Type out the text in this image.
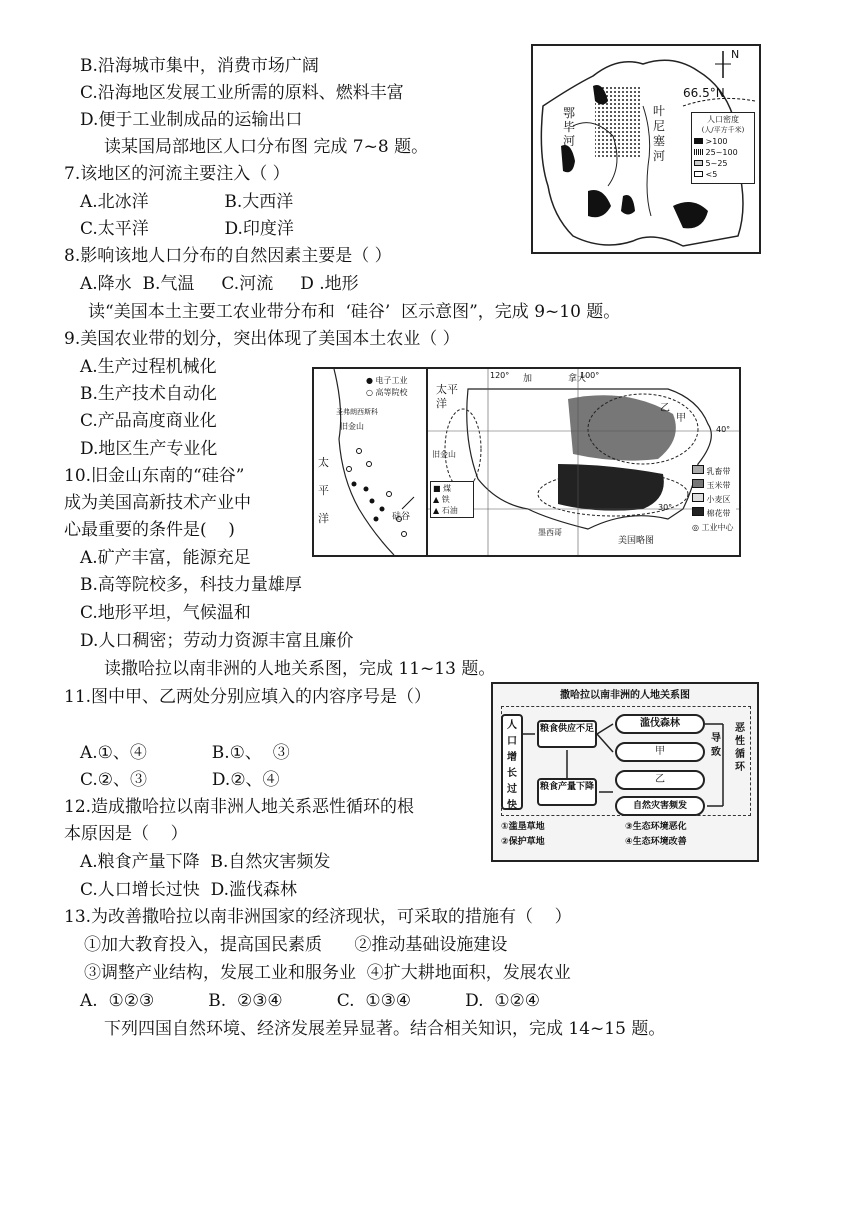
B.沿海城市集中，消费市场广阔
C.沿海地区发展工业所需的原料、燃料丰富
D.便于工业制成品的运输出口
读某国局部地区人口分布图 完成 7~8 题。
7.该地区的河流主要注入（ ）
A.北冰洋              B.大西洋
C.太平洋              D.印度洋
8.影响该地人口分布的自然因素主要是（ ）
A.降水  B.气温     C.河流     D .地形
读“美国本土主要工农业带分布和  ‘硅谷’  区示意图”，完成 9~10 题。
9.美国农业带的划分，突出体现了美国本土农业（ ）
A.生产过程机械化
B.生产技术自动化
C.产品高度商业化
D.地区生产专业化
10.旧金山东南的“硅谷”
成为美国高新技术产业中
心最重要的条件是(    )
A.矿产丰富，能源充足
B.高等院校多，科技力量雄厚
C.地形平坦，气候温和
D.人口稠密；劳动力资源丰富且廉价
读撒哈拉以南非洲的人地关系图，完成 11~13 题。
11.图中甲、乙两处分别应填入的内容序号是（）
A.①、④            B.①、  ③
C.②、③            D.②、④
12.造成撒哈拉以南非洲人地关系恶性循环的根
本原因是（    ）
A.粮食产量下降  B.自然灾害频发
C.人口增长过快  D.滥伐森林
13.为改善撒哈拉以南非洲国家的经济现状，可采取的措施有（    ）
①加大教育投入，提高国民素质      ②推动基础设施建设
③调整产业结构，发展工业和服务业  ④扩大耕地面积，发展农业
A.  ①②③          B.  ②③④          C.  ①③④          D.  ①②④
下列四国自然环境、经济发展差异显著。结合相关知识，完成 14~15 题。
N
66.5°N
鄂
毕
河
叶
尼
塞
河
人口密度
(人/平方千米)
>100
25~100
5~25
<5
● 电子工业
○ 高等院校
圣弗朗西斯科
旧金山
太
平
洋	硅谷
太平洋
加	拿大
120°	100°
旧金山
墨西哥
美国略图
甲
乙
40°
30°
■ 煤
▲ 铁
▲ 石油
乳畜带
玉米带
小麦区
棉花带
◎ 工业中心
撒哈拉以南非洲的人地关系图
人口增长过快
粮食供应不足
粮食产量下降
滥伐森林
甲
乙
自然灾害频发
导致
恶性循环
①滥垦草地	③生态环境恶化
②保护草地	④生态环境改善
